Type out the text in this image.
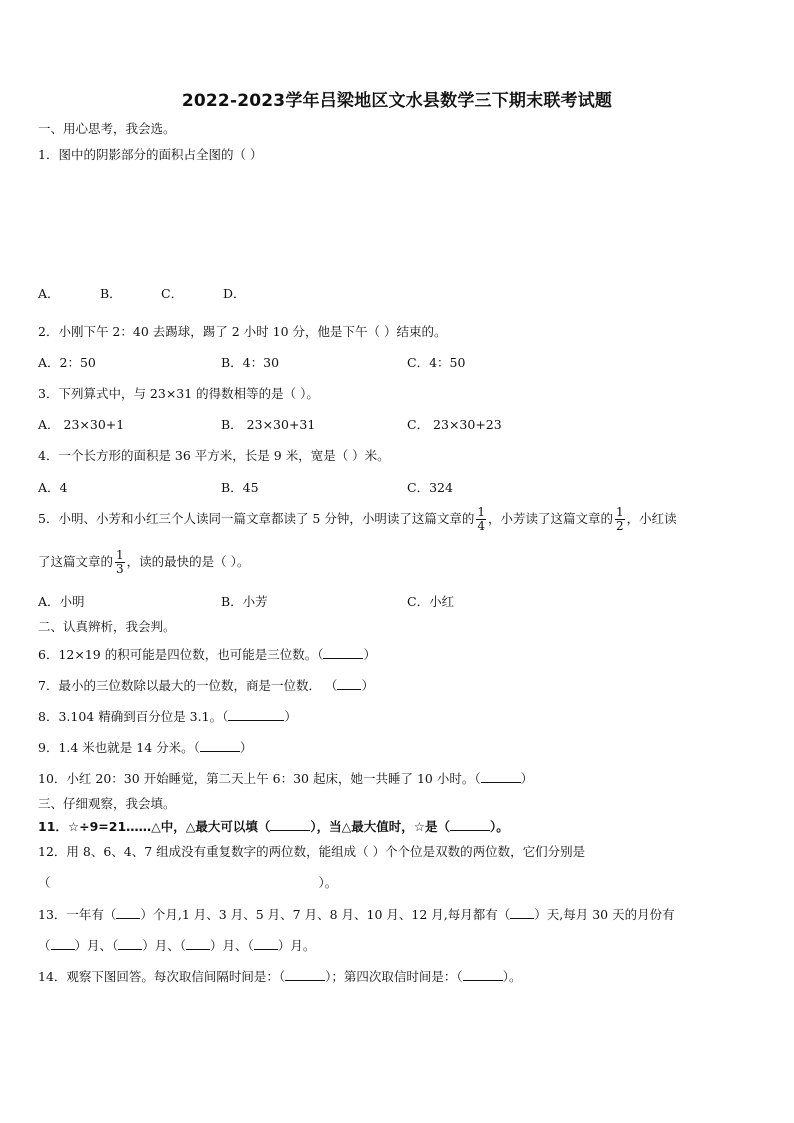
2022-2023学年吕梁地区文水县数学三下期末联考试题
一、用心思考，我会选。
1．图中的阴影部分的面积占全图的（ ）
A．	B．	C．	D．
2．小刚下午 2：40 去踢球，踢了 2 小时 10 分，他是下午（ ）结束的。
A．2：50	B．4：30	C．4：50
3．下列算式中，与 23×31 的得数相等的是（ ）。
A． 23×30+1	B． 23×30+31	C． 23×30+23
4．一个长方形的面积是 36 平方米，长是 9 米，宽是（ ）米。
A．4	B．45	C．324
5．小明、小芳和小红三个人读同一篇文章都读了 5 分钟，小明读了这篇文章的 $\frac{1}{4}$ ，小芳读了这篇文章的 $\frac{1}{2}$ ，小红读
了这篇文章的 $\frac{1}{3}$ ，读的最快的是（ ）。
A．小明	B．小芳	C．小红
二、认真辨析，我会判。
6．12×19 的积可能是四位数，也可能是三位数。（	）
7．最小的三位数除以最大的一位数，商是一位数． （ ）
8．3.104 精确到百分位是 3.1。（	）
9．1.4 米也就是 14 分米。（	）
10．小红 20：30 开始睡觉，第二天上午 6：30 起床，她一共睡了 10 小时。（	）
三、仔细观察，我会填。
11．☆÷9=21……△中，△最大可以填（	），当△最大值时，☆是（	）。
12．用 8、6、4、7 组成没有重复数字的两位数，能组成（ ）个个位是双数的两位数，它们分别是
（	）。
13．一年有（ ）个月,1 月、3 月、5 月、7 月、8 月、10 月、12 月,每月都有（ ）天,每月 30 天的月份有
（ ）月、（ ）月、（ ）月、（ ）月。
14．观察下图回答。每次取信间隔时间是：（	）；第四次取信时间是：（	）。
